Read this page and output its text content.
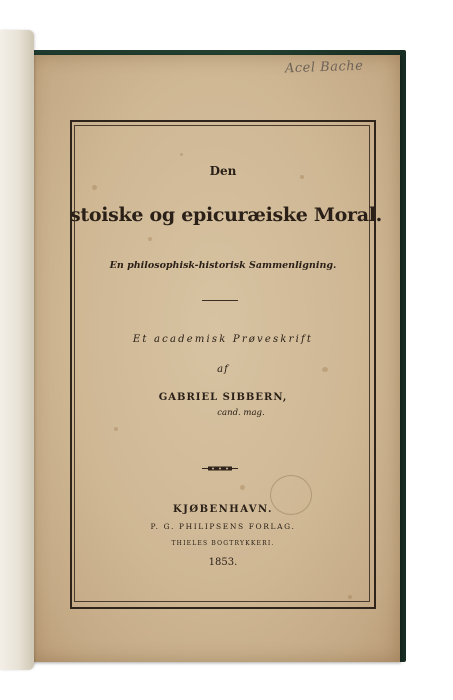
Acel Bache
Den
stoiske og epicuræiske Moral.
En philosophisk-historisk Sammenligning.
Et academisk Prøveskrift
af
GABRIEL SIBBERN,
cand. mag.
KJØBENHAVN.
P. G. PHILIPSENS FORLAG.
THIELES BOGTRYKKERI.
1853.
